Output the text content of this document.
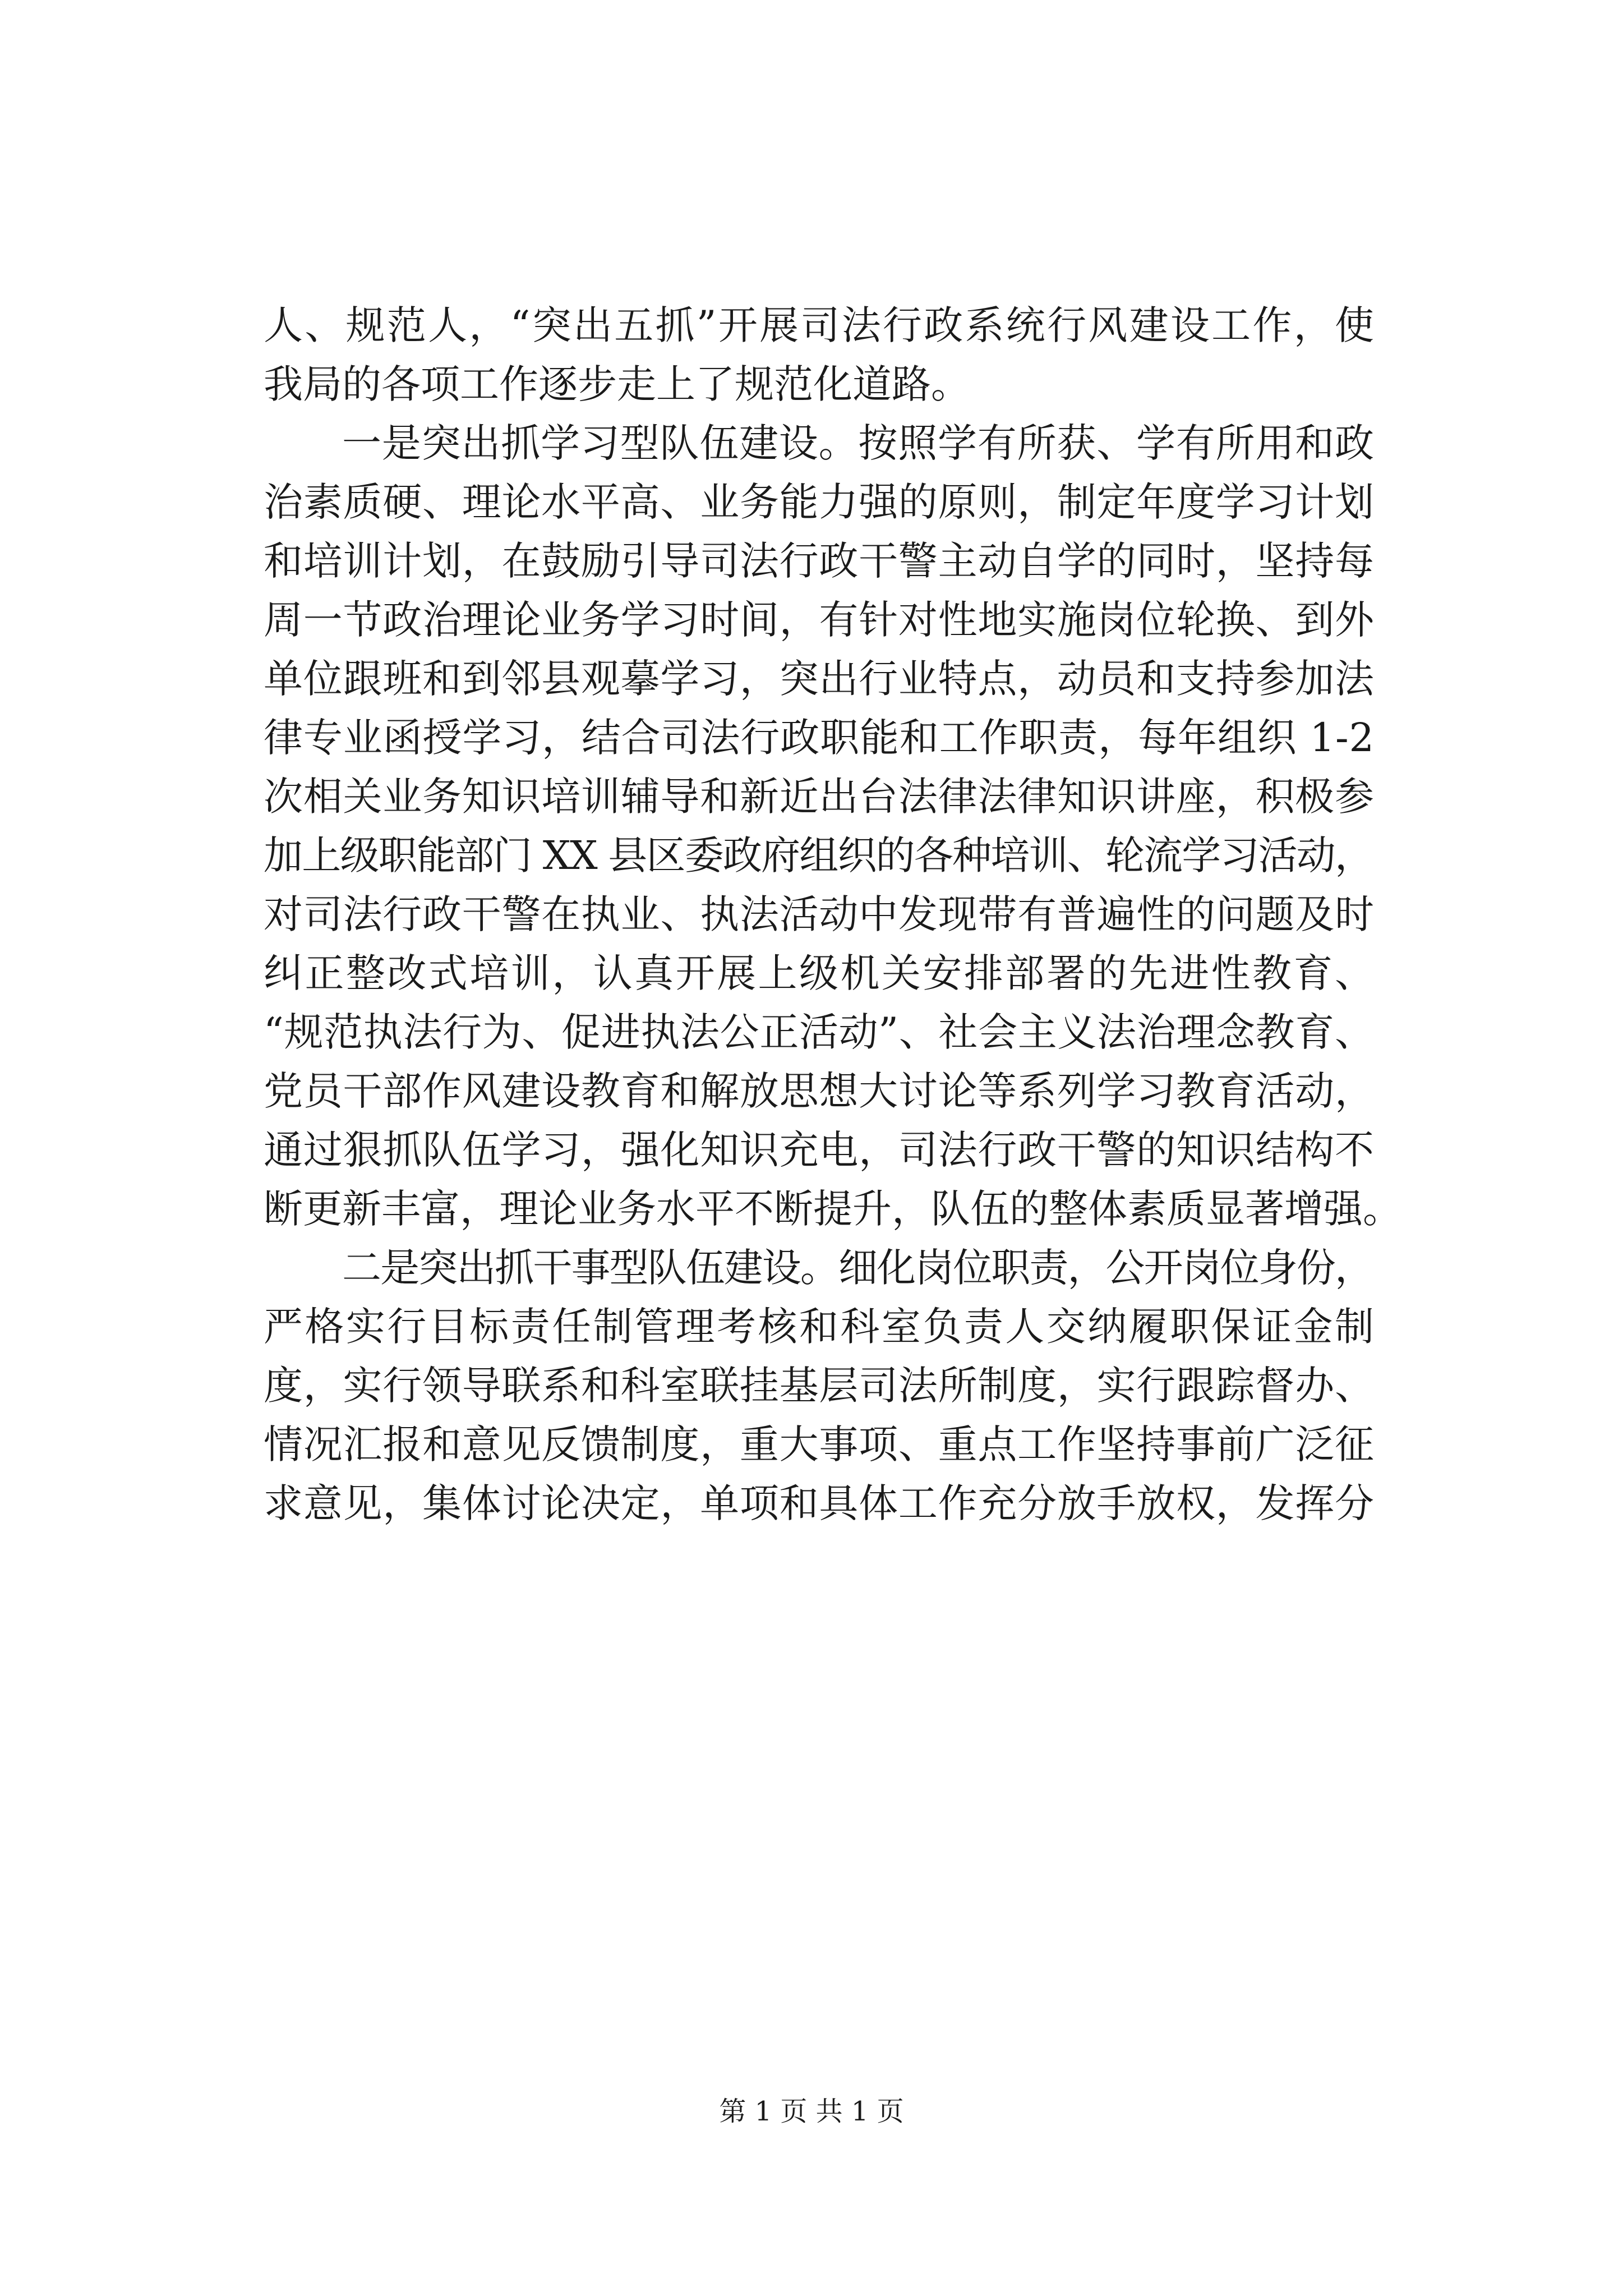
人、规范人，“突出五抓”开展司法行政系统行风建设工作，使
我局的各项工作逐步走上了规范化道路。
一是突出抓学习型队伍建设。按照学有所获、学有所用和政
治素质硬、理论水平高、业务能力强的原则，制定年度学习计划
和培训计划，在鼓励引导司法行政干警主动自学的同时，坚持每
周一节政治理论业务学习时间，有针对性地实施岗位轮换、到外
单位跟班和到邻县观摹学习，突出行业特点，动员和支持参加法
律专业函授学习，结合司法行政职能和工作职责，每年组织 1-2
次相关业务知识培训辅导和新近出台法律法律知识讲座，积极参
加上级职能部门 XX 县区委政府组织的各种培训、轮流学习活动，
对司法行政干警在执业、执法活动中发现带有普遍性的问题及时
纠正整改式培训，认真开展上级机关安排部署的先进性教育、
“规范执法行为、促进执法公正活动”、社会主义法治理念教育、
党员干部作风建设教育和解放思想大讨论等系列学习教育活动，
通过狠抓队伍学习，强化知识充电，司法行政干警的知识结构不
断更新丰富，理论业务水平不断提升，队伍的整体素质显著增强。
二是突出抓干事型队伍建设。细化岗位职责，公开岗位身份，
严格实行目标责任制管理考核和科室负责人交纳履职保证金制
度，实行领导联系和科室联挂基层司法所制度，实行跟踪督办、
情况汇报和意见反馈制度，重大事项、重点工作坚持事前广泛征
求意见，集体讨论决定，单项和具体工作充分放手放权，发挥分
第 1 页 共 1 页
